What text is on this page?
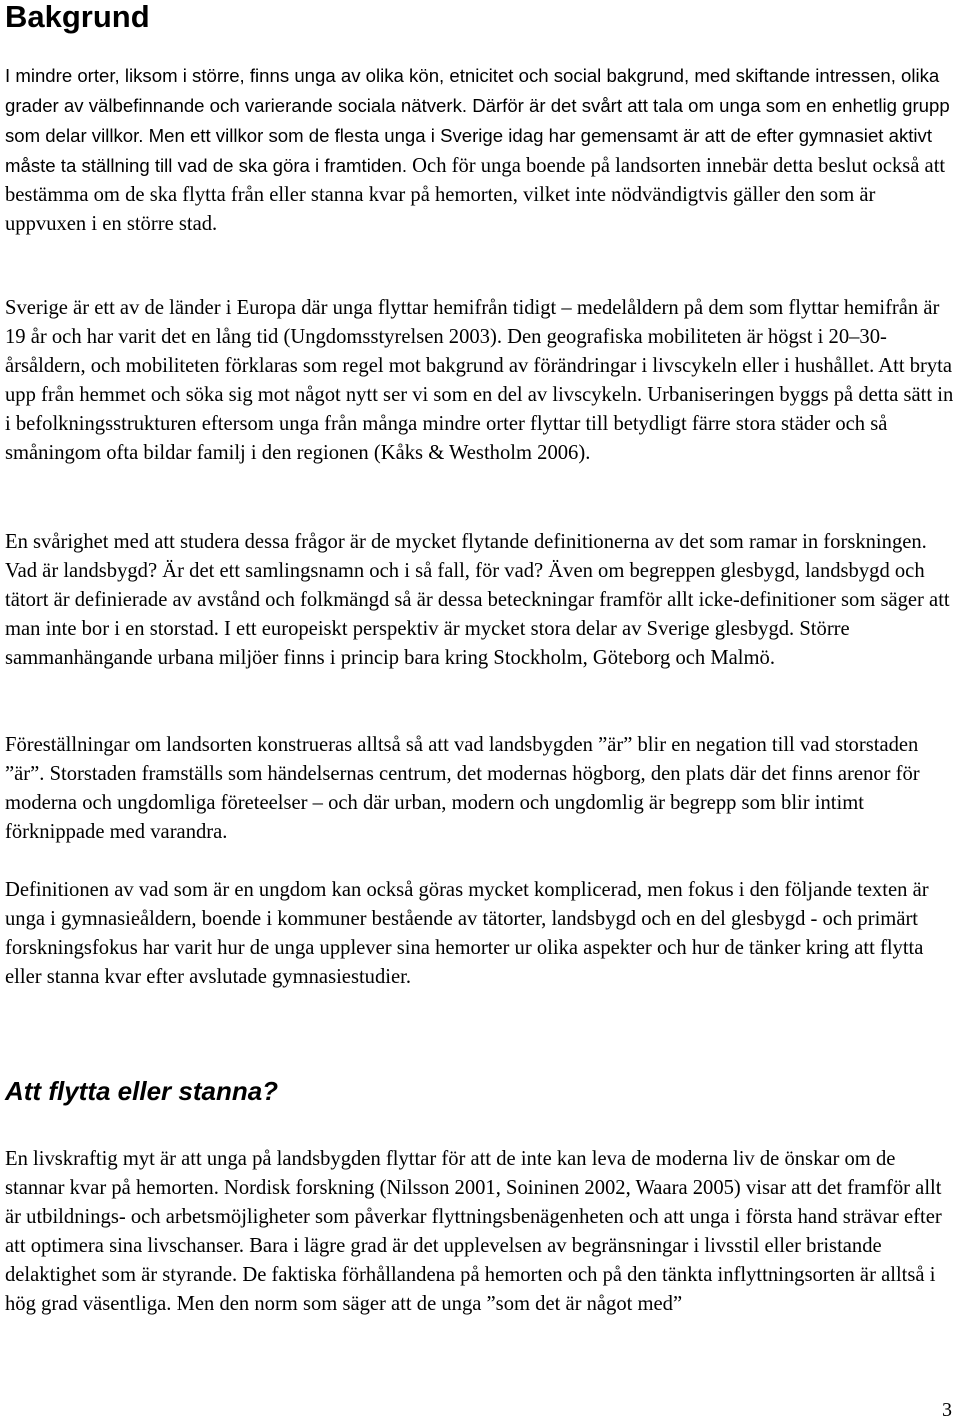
Bakgrund

I mindre orter, liksom i större, finns unga av olika kön, etnicitet och social bakgrund, med skiftande intressen, olika grader av välbefinnande och varierande sociala nätverk. Därför är det svårt att tala om unga som en enhetlig grupp som delar villkor. Men ett villkor som de flesta unga i Sverige idag har gemensamt är att de efter gymnasiet aktivt måste ta ställning till vad de ska göra i framtiden. Och för unga boende på landsorten innebär detta beslut också att bestämma om de ska flytta från eller stanna kvar på hemorten, vilket inte nödvändigtvis gäller den som är uppvuxen i en större stad.

Sverige är ett av de länder i Europa där unga flyttar hemifrån tidigt – medelåldern på dem som flyttar hemifrån är 19 år och har varit det en lång tid (Ungdomsstyrelsen 2003). Den geografiska mobiliteten är högst i 20–30-årsåldern, och mobiliteten förklaras som regel mot bakgrund av förändringar i livscykeln eller i hushållet. Att bryta upp från hemmet och söka sig mot något nytt ser vi som en del av livscykeln. Urbaniseringen byggs på detta sätt in i befolkningsstrukturen eftersom unga från många mindre orter flyttar till betydligt färre stora städer och så småningom ofta bildar familj i den regionen (Kåks & Westholm 2006).

En svårighet med att studera dessa frågor är de mycket flytande definitionerna av det som ramar in forskningen. Vad är landsbygd? Är det ett samlingsnamn och i så fall, för vad? Även om begreppen glesbygd, landsbygd och tätort är definierade av avstånd och folkmängd så är dessa beteckningar framför allt icke-definitioner som säger att man inte bor i en storstad. I ett europeiskt perspektiv är mycket stora delar av Sverige glesbygd. Större sammanhängande urbana miljöer finns i princip bara kring Stockholm, Göteborg och Malmö.

Föreställningar om landsorten konstrueras alltså så att vad landsbygden ”är” blir en negation till vad storstaden ”är”. Storstaden framställs som händelsernas centrum, det modernas högborg, den plats där det finns arenor för moderna och ungdomliga företeelser – och där urban, modern och ungdomlig är begrepp som blir intimt förknippade med varandra.

Definitionen av vad som är en ungdom kan också göras mycket komplicerad, men fokus i den följande texten är unga i gymnasieåldern, boende i kommuner bestående av tätorter, landsbygd och en del glesbygd - och primärt forskningsfokus har varit hur de unga upplever sina hemorter ur olika aspekter och hur de tänker kring att flytta eller stanna kvar efter avslutade gymnasiestudier.

Att flytta eller stanna?

En livskraftig myt är att unga på landsbygden flyttar för att de inte kan leva de moderna liv de önskar om de stannar kvar på hemorten. Nordisk forskning (Nilsson 2001, Soininen 2002, Waara 2005) visar att det framför allt är utbildnings- och arbetsmöjligheter som påverkar flyttningsbenägenheten och att unga i första hand strävar efter att optimera sina livschanser. Bara i lägre grad är det upplevelsen av begränsningar i livsstil eller bristande delaktighet som är styrande. De faktiska förhållandena på hemorten och på den tänkta inflyttningsorten är alltså i hög grad väsentliga. Men den norm som säger att de unga ”som det är något med”

3
